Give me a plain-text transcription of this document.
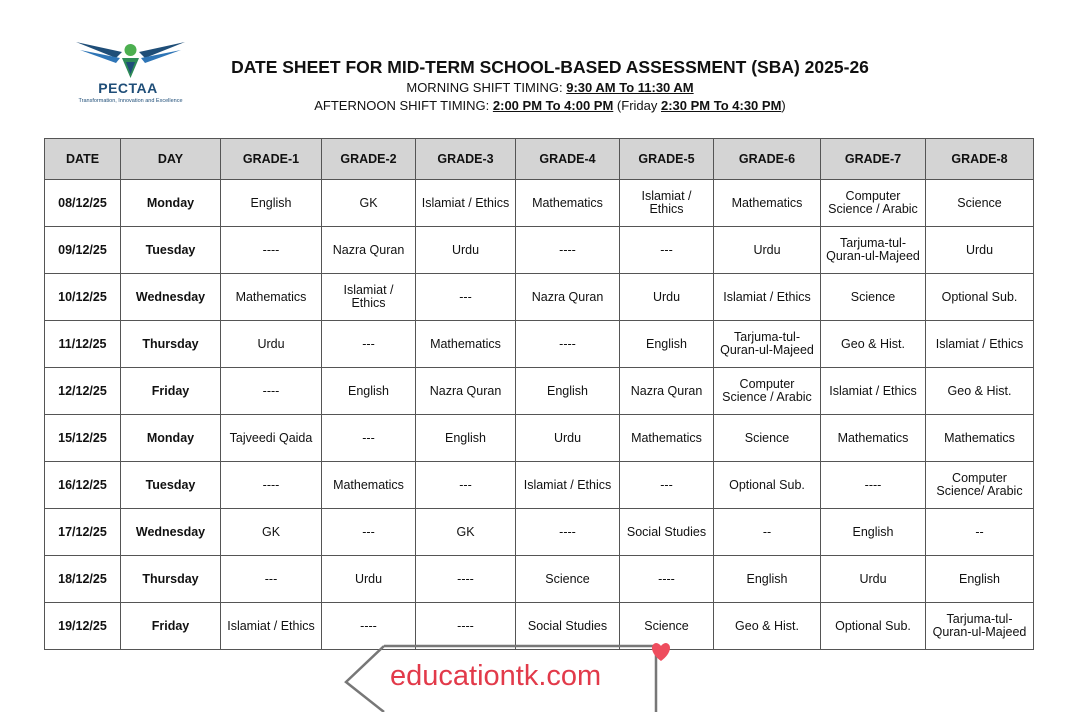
PECTAA
Transformation, Innovation and Excellence
DATE SHEET FOR MID-TERM SCHOOL-BASED ASSESSMENT (SBA) 2025-26
MORNING SHIFT TIMING: 9:30 AM To 11:30 AM
AFTERNOON SHIFT TIMING: 2:00 PM To 4:00 PM (Friday 2:30 PM To 4:30 PM)
DATE	DAY	GRADE-1	GRADE-2	GRADE-3	GRADE-4	GRADE-5	GRADE-6	GRADE-7	GRADE-8
08/12/25	Monday	English	GK	Islamiat / Ethics	Mathematics	Islamiat / Ethics	Mathematics	Computer Science / Arabic	Science
09/12/25	Tuesday	----	Nazra Quran	Urdu	----	---	Urdu	Tarjuma-tul-Quran-ul-Majeed	Urdu
10/12/25	Wednesday	Mathematics	Islamiat / Ethics	---	Nazra Quran	Urdu	Islamiat / Ethics	Science	Optional Sub.
11/12/25	Thursday	Urdu	---	Mathematics	----	English	Tarjuma-tul-Quran-ul-Majeed	Geo & Hist.	Islamiat / Ethics
12/12/25	Friday	----	English	Nazra Quran	English	Nazra Quran	Computer Science / Arabic	Islamiat / Ethics	Geo & Hist.
15/12/25	Monday	Tajveedi Qaida	---	English	Urdu	Mathematics	Science	Mathematics	Mathematics
16/12/25	Tuesday	----	Mathematics	---	Islamiat / Ethics	---	Optional Sub.	----	Computer Science/ Arabic
17/12/25	Wednesday	GK	---	GK	----	Social Studies	--	English	--
18/12/25	Thursday	---	Urdu	----	Science	----	English	Urdu	English
19/12/25	Friday	Islamiat / Ethics	----	----	Social Studies	Science	Geo & Hist.	Optional Sub.	Tarjuma-tul-Quran-ul-Majeed
educationtk.com
